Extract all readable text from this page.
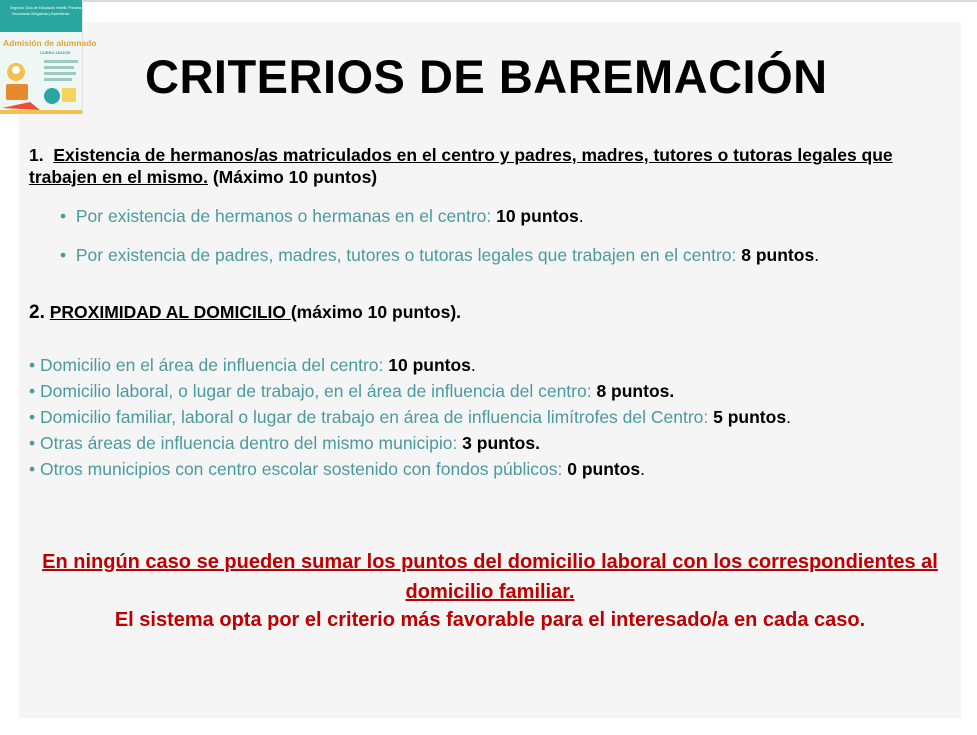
Segundo Ciclo de Educación Infantil, Primaria,
Secundaria Obligatoria y Bachillerato
Admisión de alumnado
CURSO 2024/25 CRITERIOS DE BAREMACIÓN
1. Existencia de hermanos/as matriculados en el centro y padres, madres, tutores o tutoras legales que trabajen en el mismo. (Máximo 10 puntos)
• Por existencia de hermanos o hermanas en el centro: 10 puntos.
• Por existencia de padres, madres, tutores o tutoras legales que trabajen en el centro: 8 puntos.
2. PROXIMIDAD AL DOMICILIO (máximo 10 puntos).
• Domicilio en el área de influencia del centro: 10 puntos.
• Domicilio laboral, o lugar de trabajo, en el área de influencia del centro: 8 puntos.
• Domicilio familiar, laboral o lugar de trabajo en área de influencia limítrofes del Centro: 5 puntos.
• Otras áreas de influencia dentro del mismo municipio: 3 puntos.
• Otros municipios con centro escolar sostenido con fondos públicos: 0 puntos.
En ningún caso se pueden sumar los puntos del domicilio laboral con los correspondientes al
domicilio familiar.
El sistema opta por el criterio más favorable para el interesado/a en cada caso.
